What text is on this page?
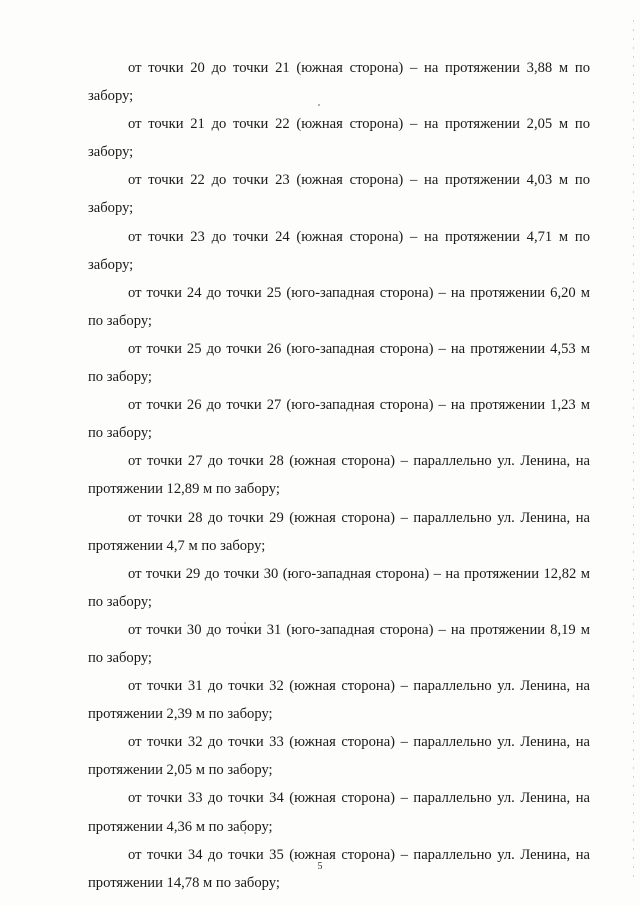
от точки 20 до точки 21 (южная сторона) – на протяжении 3,88 м по забору;
от точки 21 до точки 22 (южная сторона) – на протяжении 2,05 м по забору;
от точки 22 до точки 23 (южная сторона) – на протяжении 4,03 м по забору;
от точки 23 до точки 24 (южная сторона) – на протяжении 4,71 м по забору;
от точки 24 до точки 25 (юго-западная сторона) – на протяжении 6,20 м по забору;
от точки 25 до точки 26 (юго-западная сторона) – на протяжении 4,53 м по забору;
от точки 26 до точки 27 (юго-западная сторона) – на протяжении 1,23 м по забору;
от точки 27 до точки 28 (южная сторона) – параллельно ул. Ленина, на протяжении 12,89 м по забору;
от точки 28 до точки 29 (южная сторона) – параллельно ул. Ленина, на протяжении 4,7 м по забору;
от точки 29 до точки 30 (юго-западная сторона) – на протяжении 12,82 м по забору;
от точки 30 до точки 31 (юго-западная сторона) – на протяжении 8,19 м по забору;
от точки 31 до точки 32 (южная сторона) – параллельно ул. Ленина, на протяжении 2,39 м по забору;
от точки 32 до точки 33 (южная сторона) – параллельно ул. Ленина, на протяжении 2,05 м по забору;
от точки 33 до точки 34 (южная сторона) – параллельно ул. Ленина, на протяжении 4,36 м по забору;
от точки 34 до точки 35 (южная сторона) – параллельно ул. Ленина, на протяжении 14,78 м по забору;
5
